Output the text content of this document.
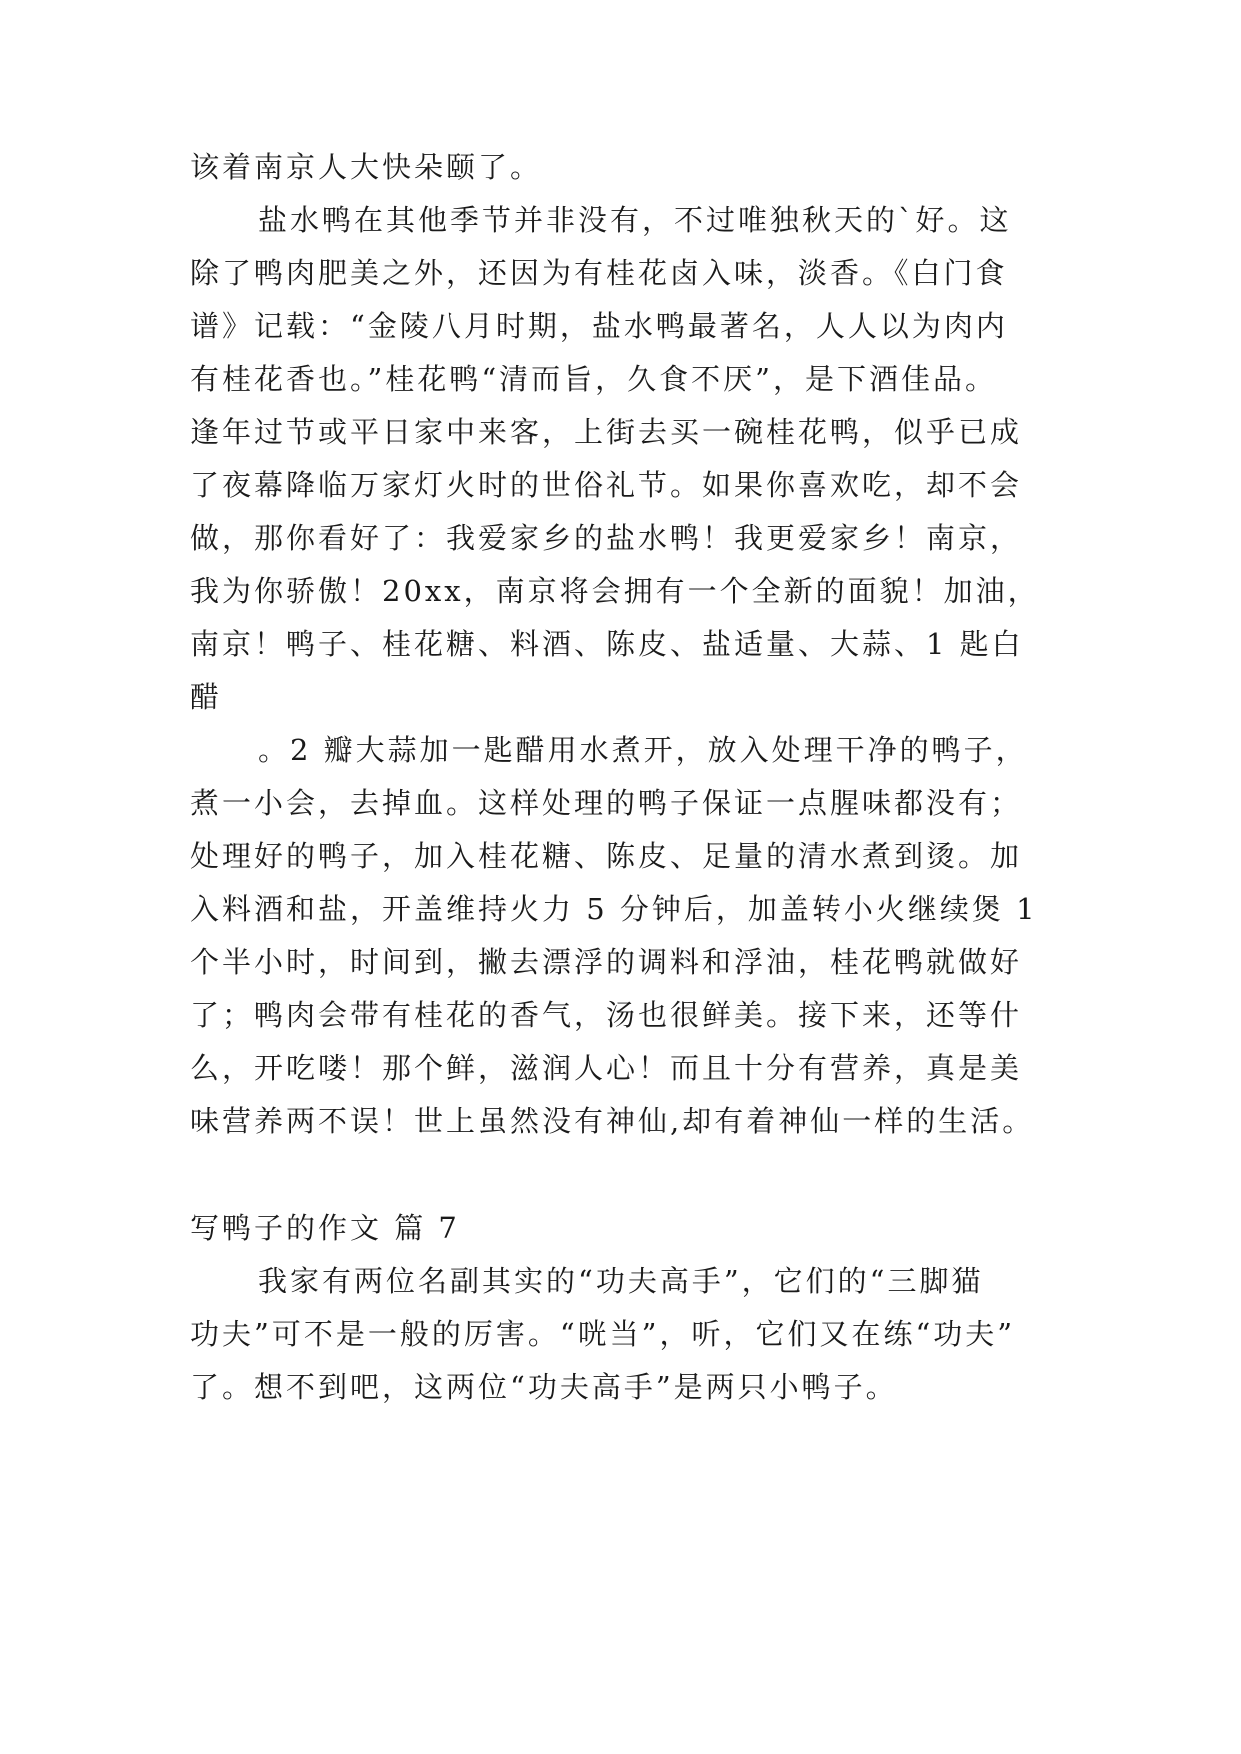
该着南京人大快朵颐了。
盐水鸭在其他季节并非没有，不过唯独秋天的`好。这
除了鸭肉肥美之外，还因为有桂花卤入味，淡香。《白门食
谱》记载：“金陵八月时期，盐水鸭最著名，人人以为肉内
有桂花香也。”桂花鸭“清而旨，久食不厌”，是下酒佳品。
逢年过节或平日家中来客，上街去买一碗桂花鸭，似乎已成
了夜幕降临万家灯火时的世俗礼节。如果你喜欢吃，却不会
做，那你看好了：我爱家乡的盐水鸭！我更爱家乡！南京，
我为你骄傲！20xx，南京将会拥有一个全新的面貌！加油，
南京！鸭子、桂花糖、料酒、陈皮、盐适量、大蒜、1 匙白
醋
。2 瓣大蒜加一匙醋用水煮开，放入处理干净的鸭子，
煮一小会，去掉血。这样处理的鸭子保证一点腥味都没有；
处理好的鸭子，加入桂花糖、陈皮、足量的清水煮到烫。加
入料酒和盐，开盖维持火力 5 分钟后，加盖转小火继续煲 1
个半小时，时间到，撇去漂浮的调料和浮油，桂花鸭就做好
了；鸭肉会带有桂花的香气，汤也很鲜美。接下来，还等什
么，开吃喽！那个鲜，滋润人心！而且十分有营养，真是美
味营养两不误！世上虽然没有神仙,却有着神仙一样的生活。
写鸭子的作文 篇 7
我家有两位名副其实的“功夫高手”，它们的“三脚猫
功夫”可不是一般的厉害。“咣当”，听，它们又在练“功夫”
了。想不到吧，这两位“功夫高手”是两只小鸭子。
